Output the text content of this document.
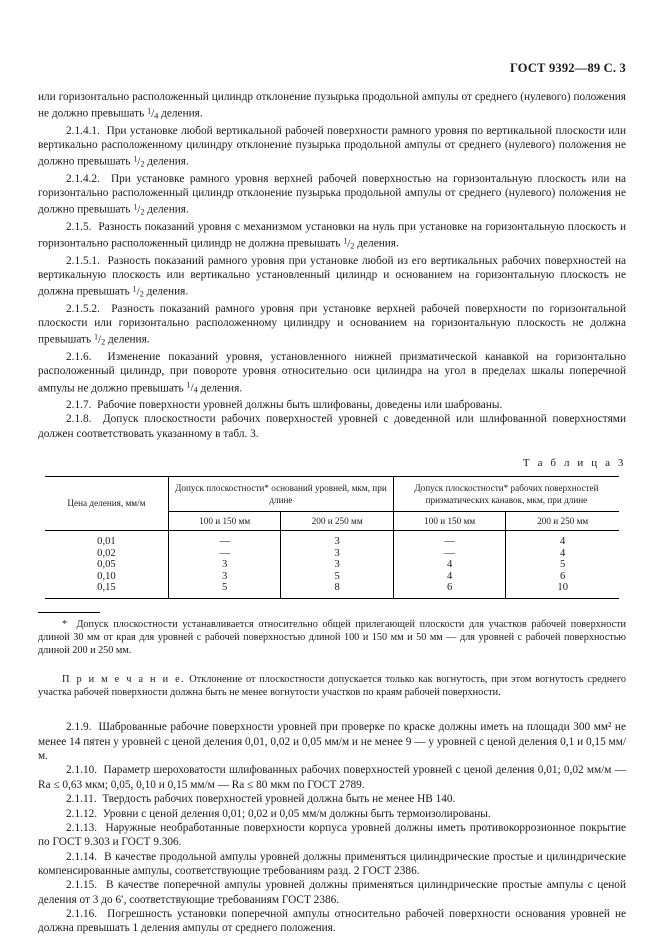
ГОСТ 9392—89 С. 3

или горизонтально расположенный цилиндр отклонение пузырька продольной ампулы от среднего (нулевого) положения не должно превышать $^1$/4 деления.

2.1.4.1. При установке любой вертикальной рабочей поверхности рамного уровня по вертикальной плоскости или вертикально расположенному цилиндру отклонение пузырька продольной ампулы от среднего (нулевого) положения не должно превышать $^1$/2 деления.

2.1.4.2. При установке рамного уровня верхней рабочей поверхностью на горизонтальную плоскость или на горизонтально расположенный цилиндр отклонение пузырька продольной ампулы от среднего (нулевого) положения не должно превышать $^1$/2 деления.

2.1.5. Разность показаний уровня с механизмом установки на нуль при установке на горизонтальную плоскость и горизонтально расположенный цилиндр не должна превышать $^1$/2 деления.

2.1.5.1. Разность показаний рамного уровня при установке любой из его вертикальных рабочих поверхностей на вертикальную плоскость или вертикально установленный цилиндр и основанием на горизонтальную плоскость не должна превышать $^1$/2 деления.

2.1.5.2. Разность показаний рамного уровня при установке верхней рабочей поверхности по горизонтальной плоскости или горизонтально расположенному цилиндру и основанием на горизонтальную плоскость не должна превышать $^1$/2 деления.

2.1.6. Изменение показаний уровня, установленного нижней призматической канавкой на горизонтально расположенный цилиндр, при повороте уровня относительно оси цилиндра на угол в пределах шкалы поперечной ампулы не должно превышать $^1$/4 деления.

2.1.7. Рабочие поверхности уровней должны быть шлифованы, доведены или шаброваны.

2.1.8. Допуск плоскостности рабочих поверхностей уровней с доведенной или шлифованной поверхностями должен соответствовать указанному в табл. 3.

Т а б л и ц а 3
Цена деления, мм/м	Допуск плоскостности* оснований уровней, мкм, при длине		Допуск плоскостности* рабочих поверхностей призматических канавок, мкм, при длине	
	100 и 150 мм	200 и 250 мм	100 и 150 мм	200 и 250 мм
0,01	—	3	—	4
0,02	—	3	—	4
0,05	3	3	4	5
0,10	3	5	4	6
0,15	5	8	6	10

* Допуск плоскостности устанавливается относительно общей прилегающей плоскости для участков рабочей поверхности длиной 30 мм от края для уровней с рабочей поверхностью длиной 100 и 150 мм и 50 мм — для уровней с рабочей поверхностью длиной 200 и 250 мм.

П р и м е ч а н и е. Отклонение от плоскостности допускается только как вогнутость, при этом вогнутость среднего участка рабочей поверхности должна быть не менее вогнутости участков по краям рабочей поверхности.

2.1.9. Шаброванные рабочие поверхности уровней при проверке по краске должны иметь на площади 300 мм² не менее 14 пятен у уровней с ценой деления 0,01, 0,02 и 0,05 мм/м и не менее 9 — у уровней с ценой деления 0,1 и 0,15 мм/м.

2.1.10. Параметр шероховатости шлифованных рабочих поверхностей уровней с ценой деления 0,01; 0,02 мм/м — Ra ≤ 0,63 мкм; 0,05, 0,10 и 0,15 мм/м — Ra ≤ 80 мкм по ГОСТ 2789.

2.1.11. Твердость рабочих поверхностей уровней должна быть не менее HB 140.

2.1.12. Уровни с ценой деления 0,01; 0,02 и 0,05 мм/м должны быть термоизолированы.

2.1.13. Наружные необработанные поверхности корпуса уровней должны иметь противокоррозионное покрытие по ГОСТ 9.303 и ГОСТ 9.306.

2.1.14. В качестве продольной ампулы уровней должны применяться цилиндрические простые и цилиндрические компенсированные ампулы, соответствующие требованиям разд. 2 ГОСТ 2386.

2.1.15. В качестве поперечной ампулы уровней должны применяться цилиндрические простые ампулы с ценой деления от 3 до 6′, соответствующие требованиям ГОСТ 2386.

2.1.16. Погрешность установки поперечной ампулы относительно рабочей поверхности основания уровней не должна превышать 1 деления ампулы от среднего положения.
